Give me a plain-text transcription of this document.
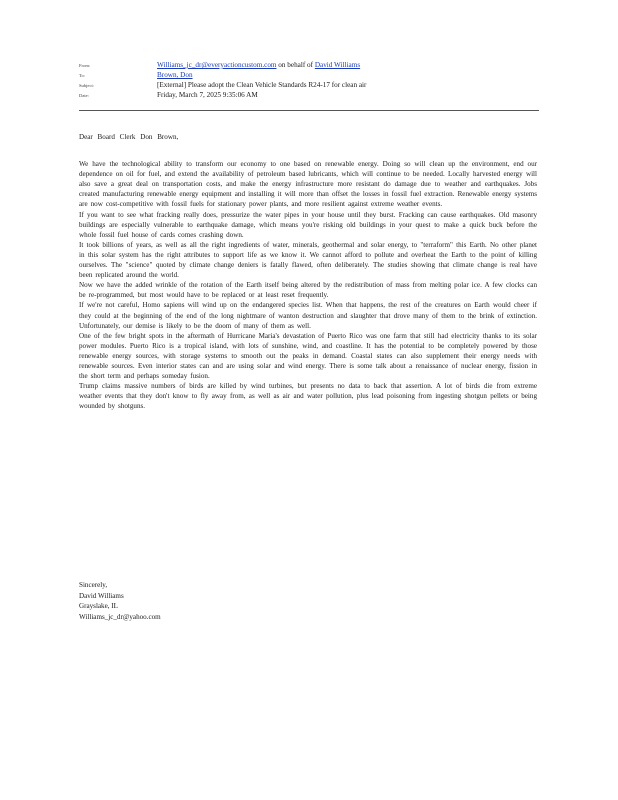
From:	Williams_jc_dr@everyactioncustom.com on behalf of David Williams
To:	Brown, Don
Subject:	[External] Please adopt the Clean Vehicle Standards R24-17 for clean air
Date:	Friday, March 7, 2025 9:35:06 AM

Dear Board Clerk Don Brown,

We have the technological ability to transform our economy to one based on renewable energy. Doing so will clean up the environment, end our dependence on oil for fuel, and extend the availability of petroleum based lubricants, which will continue to be needed. Locally harvested energy will also save a great deal on transportation costs, and make the energy infrastructure more resistant do damage due to weather and earthquakes. Jobs created manufacturing renewable energy equipment and installing it will more than offset the losses in fossil fuel extraction. Renewable energy systems are now cost-competitive with fossil fuels for stationary power plants, and more resilient against extreme weather events.

If you want to see what fracking really does, pressurize the water pipes in your house until they burst. Fracking can cause earthquakes. Old masonry buildings are especially vulnerable to earthquake damage, which means you're risking old buildings in your quest to make a quick buck before the whole fossil fuel house of cards comes crashing down.

It took billions of years, as well as all the right ingredients of water, minerals, geothermal and solar energy, to "terraform" this Earth. No other planet in this solar system has the right attributes to support life as we know it. We cannot afford to pollute and overheat the Earth to the point of killing ourselves. The "science" quoted by climate change deniers is fatally flawed, often deliberately. The studies showing that climate change is real have been replicated around the world.

Now we have the added wrinkle of the rotation of the Earth itself being altered by the redistribution of mass from melting polar ice. A few clocks can be re-programmed, but most would have to be replaced or at least reset frequently.

If we're not careful, Homo sapiens will wind up on the endangered species list. When that happens, the rest of the creatures on Earth would cheer if they could at the beginning of the end of the long nightmare of wanton destruction and slaughter that drove many of them to the brink of extinction. Unfortunately, our demise is likely to be the doom of many of them as well.

One of the few bright spots in the aftermath of Hurricane Maria's devastation of Puerto Rico was one farm that still had electricity thanks to its solar power modules. Puerto Rico is a tropical island, with lots of sunshine, wind, and coastline. It has the potential to be completely powered by those renewable energy sources, with storage systems to smooth out the peaks in demand. Coastal states can also supplement their energy needs with renewable sources. Even interior states can and are using solar and wind energy. There is some talk about a renaissance of nuclear energy, fission in the short term and perhaps someday fusion.

Trump claims massive numbers of birds are killed by wind turbines, but presents no data to back that assertion. A lot of birds die from extreme weather events that they don't know to fly away from, as well as air and water pollution, plus lead poisoning from ingesting shotgun pellets or being wounded by shotguns.

Sincerely,
David Williams
Grayslake, IL
Williams_jc_dr@yahoo.com
